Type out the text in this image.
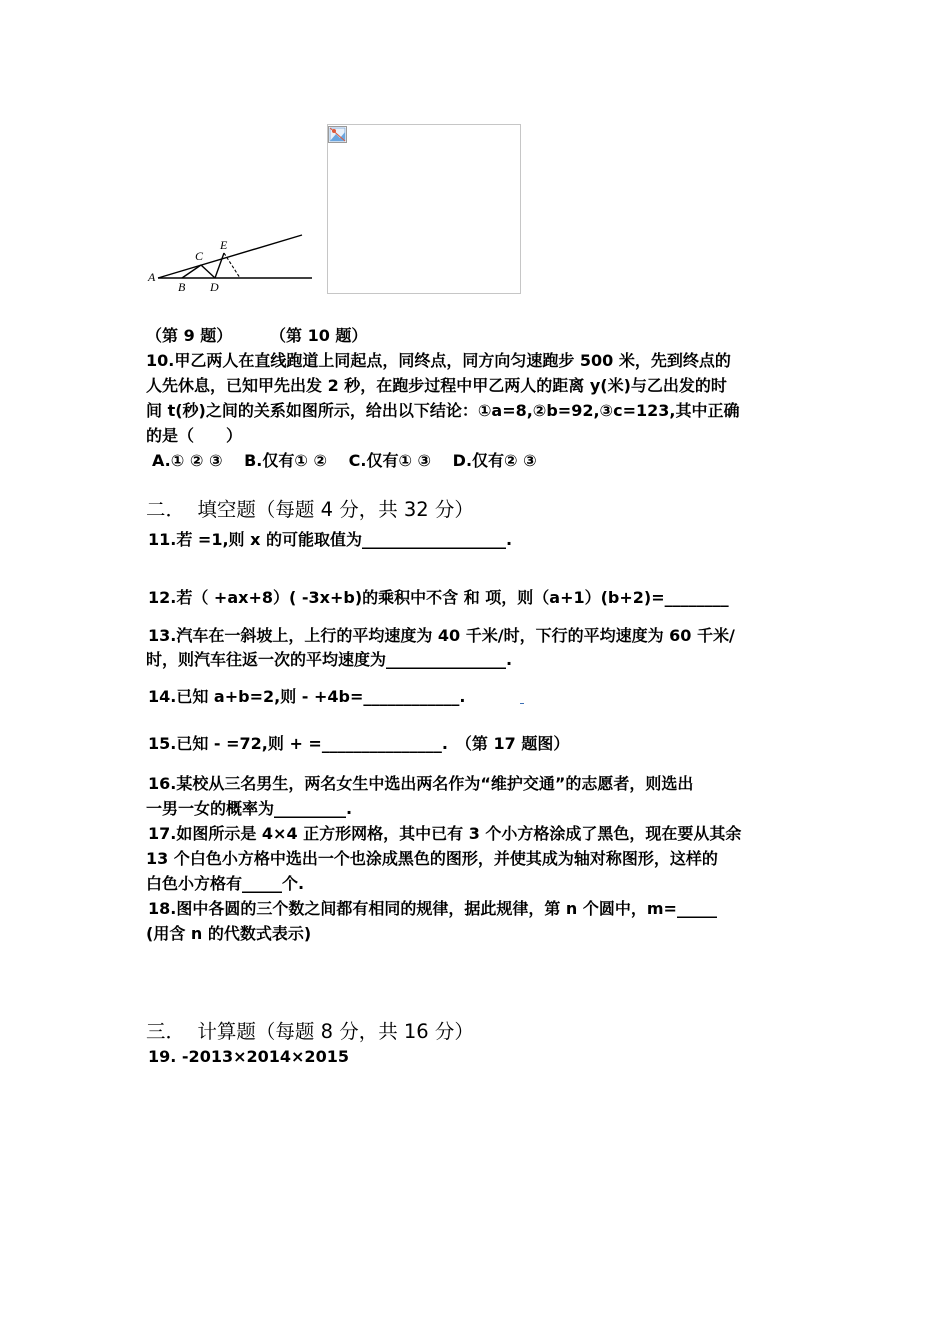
A
B
C
D
E
（第 9 题） （第 10 题）
10.甲乙两人在直线跑道上同起点，同终点，同方向匀速跑步 500 米，先到终点的
人先休息，已知甲先出发 2 秒，在跑步过程中甲乙两人的距离 y(米)与乙出发的时
间 t(秒)之间的关系如图所示，给出以下结论：①a=8,②b=92,③c=123,其中正确
的是（　　）
A.① ② ③　 B.仅有① ②　 C.仅有① ③　 D.仅有② ③
二．  填空题（每题 4 分，共 32 分）
11.若 =1,则 x 的可能取值为__________________.
12.若（ +ax+8）( -3x+b)的乘积中不含 和 项，则（a+1）(b+2)=________
13.汽车在一斜坡上，上行的平均速度为 40 千米/时，下行的平均速度为 60 千米/
时，则汽车往返一次的平均速度为_______________.
14.已知 a+b=2,则 - +4b=____________.
15.已知 - =72,则 + =_______________.　（第 17 题图）
16.某校从三名男生，两名女生中选出两名作为“维护交通”的志愿者，则选出
一男一女的概率为_________.
17.如图所示是 4×4 正方形网格，其中已有 3 个小方格涂成了黑色，现在要从其余
13 个白色小方格中选出一个也涂成黑色的图形，并使其成为轴对称图形，这样的
白色小方格有_____个.
18.图中各圆的三个数之间都有相同的规律，据此规律，第 n 个圆中，m=_____
(用含 n 的代数式表示)
三．  计算题（每题 8 分，共 16 分）
19. -2013×2014×2015
